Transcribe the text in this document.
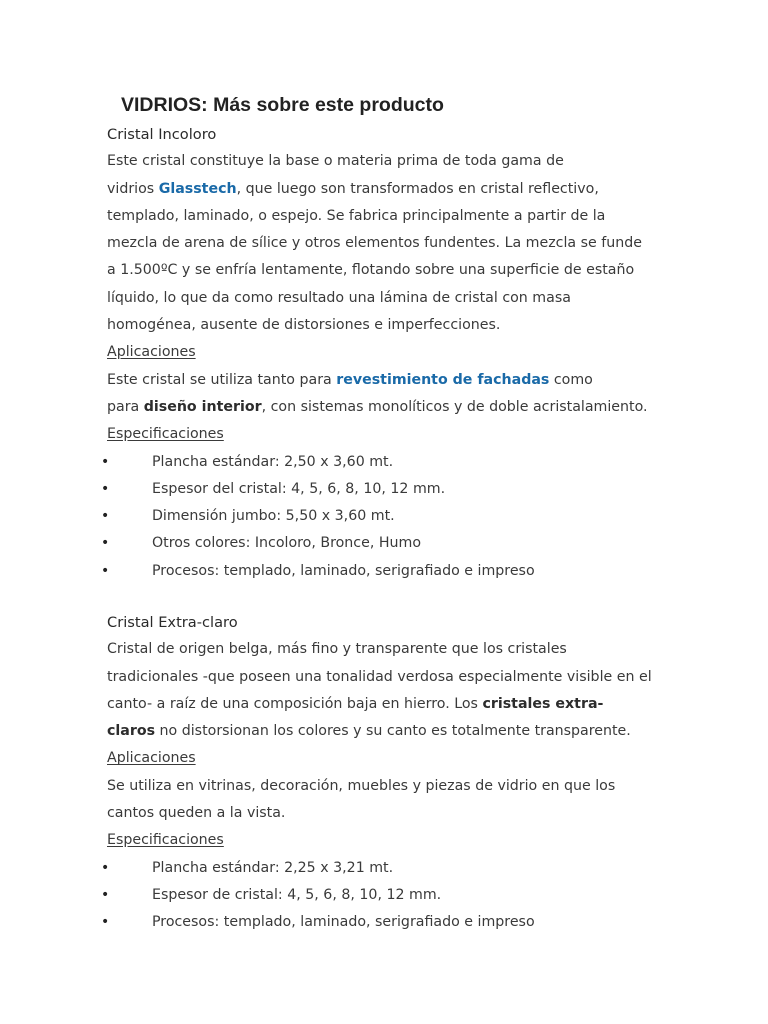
VIDRIOS: Más sobre este producto
Cristal Incoloro

Este cristal constituye la base o materia prima de toda gama de
vidrios Glasstech, que luego son transformados en cristal reflectivo,
templado, laminado, o espejo. Se fabrica principalmente a partir de la
mezcla de arena de sílice y otros elementos fundentes. La mezcla se funde
a 1.500ºC y se enfría lentamente, flotando sobre una superficie de estaño
líquido, lo que da como resultado una lámina de cristal con masa
homogénea, ausente de distorsiones e imperfecciones.

Aplicaciones

Este cristal se utiliza tanto para revestimiento de fachadas como
para diseño interior, con sistemas monolíticos y de doble acristalamiento.

Especificaciones
•	Plancha estándar: 2,50 x 3,60 mt.
•	Espesor del cristal: 4, 5, 6, 8, 10, 12 mm.
•	Dimensión jumbo: 5,50 x 3,60 mt.
•	Otros colores: Incoloro, Bronce, Humo
•	Procesos: templado, laminado, serigrafiado e impreso
Cristal Extra-claro

Cristal de origen belga, más fino y transparente que los cristales
tradicionales -que poseen una tonalidad verdosa especialmente visible en el
canto- a raíz de una composición baja en hierro. Los cristales extra-
claros no distorsionan los colores y su canto es totalmente transparente.

Aplicaciones

Se utiliza en vitrinas, decoración, muebles y piezas de vidrio en que los
cantos queden a la vista.

Especificaciones
•	Plancha estándar: 2,25 x 3,21 mt.
•	Espesor de cristal: 4, 5, 6, 8, 10, 12 mm.
•	Procesos: templado, laminado, serigrafiado e impreso
